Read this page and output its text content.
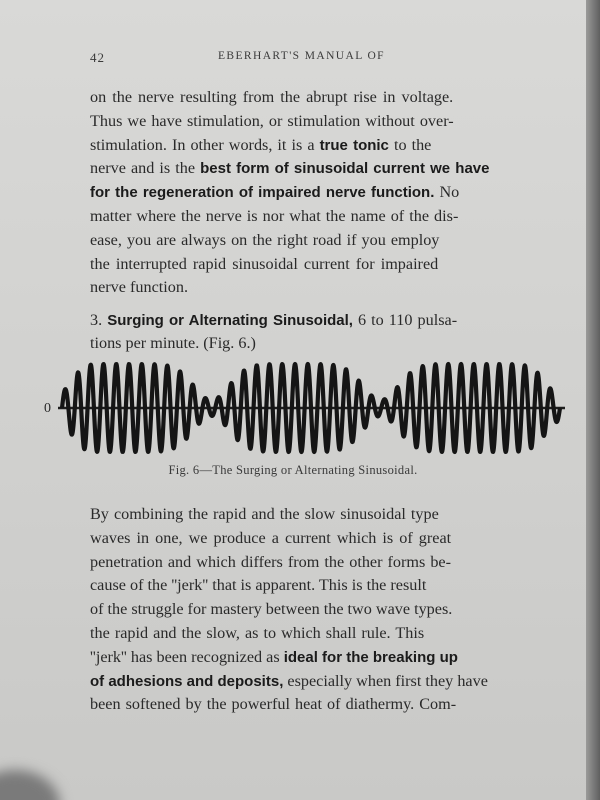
42	EBERHART'S MANUAL OF
on the nerve resulting from the abrupt rise in voltage.
Thus we have stimulation, or stimulation without over-
stimulation. In other words, it is a true tonic to the
nerve and is the best form of sinusoidal current we have
for the regeneration of impaired nerve function. No
matter where the nerve is nor what the name of the dis-
ease, you are always on the right road if you employ
the interrupted rapid sinusoidal current for impaired
nerve function.
3. Surging or Alternating Sinusoidal, 6 to 110 pulsa-
tions per minute. (Fig. 6.)
0
Fig. 6—The Surging or Alternating Sinusoidal.
By combining the rapid and the slow sinusoidal type
waves in one, we produce a current which is of great
penetration and which differs from the other forms be-
cause of the ''jerk'' that is apparent. This is the result
of the struggle for mastery between the two wave types.
the rapid and the slow, as to which shall rule. This
''jerk'' has been recognized as ideal for the breaking up
of adhesions and deposits, especially when first they have
been softened by the powerful heat of diathermy. Com-
